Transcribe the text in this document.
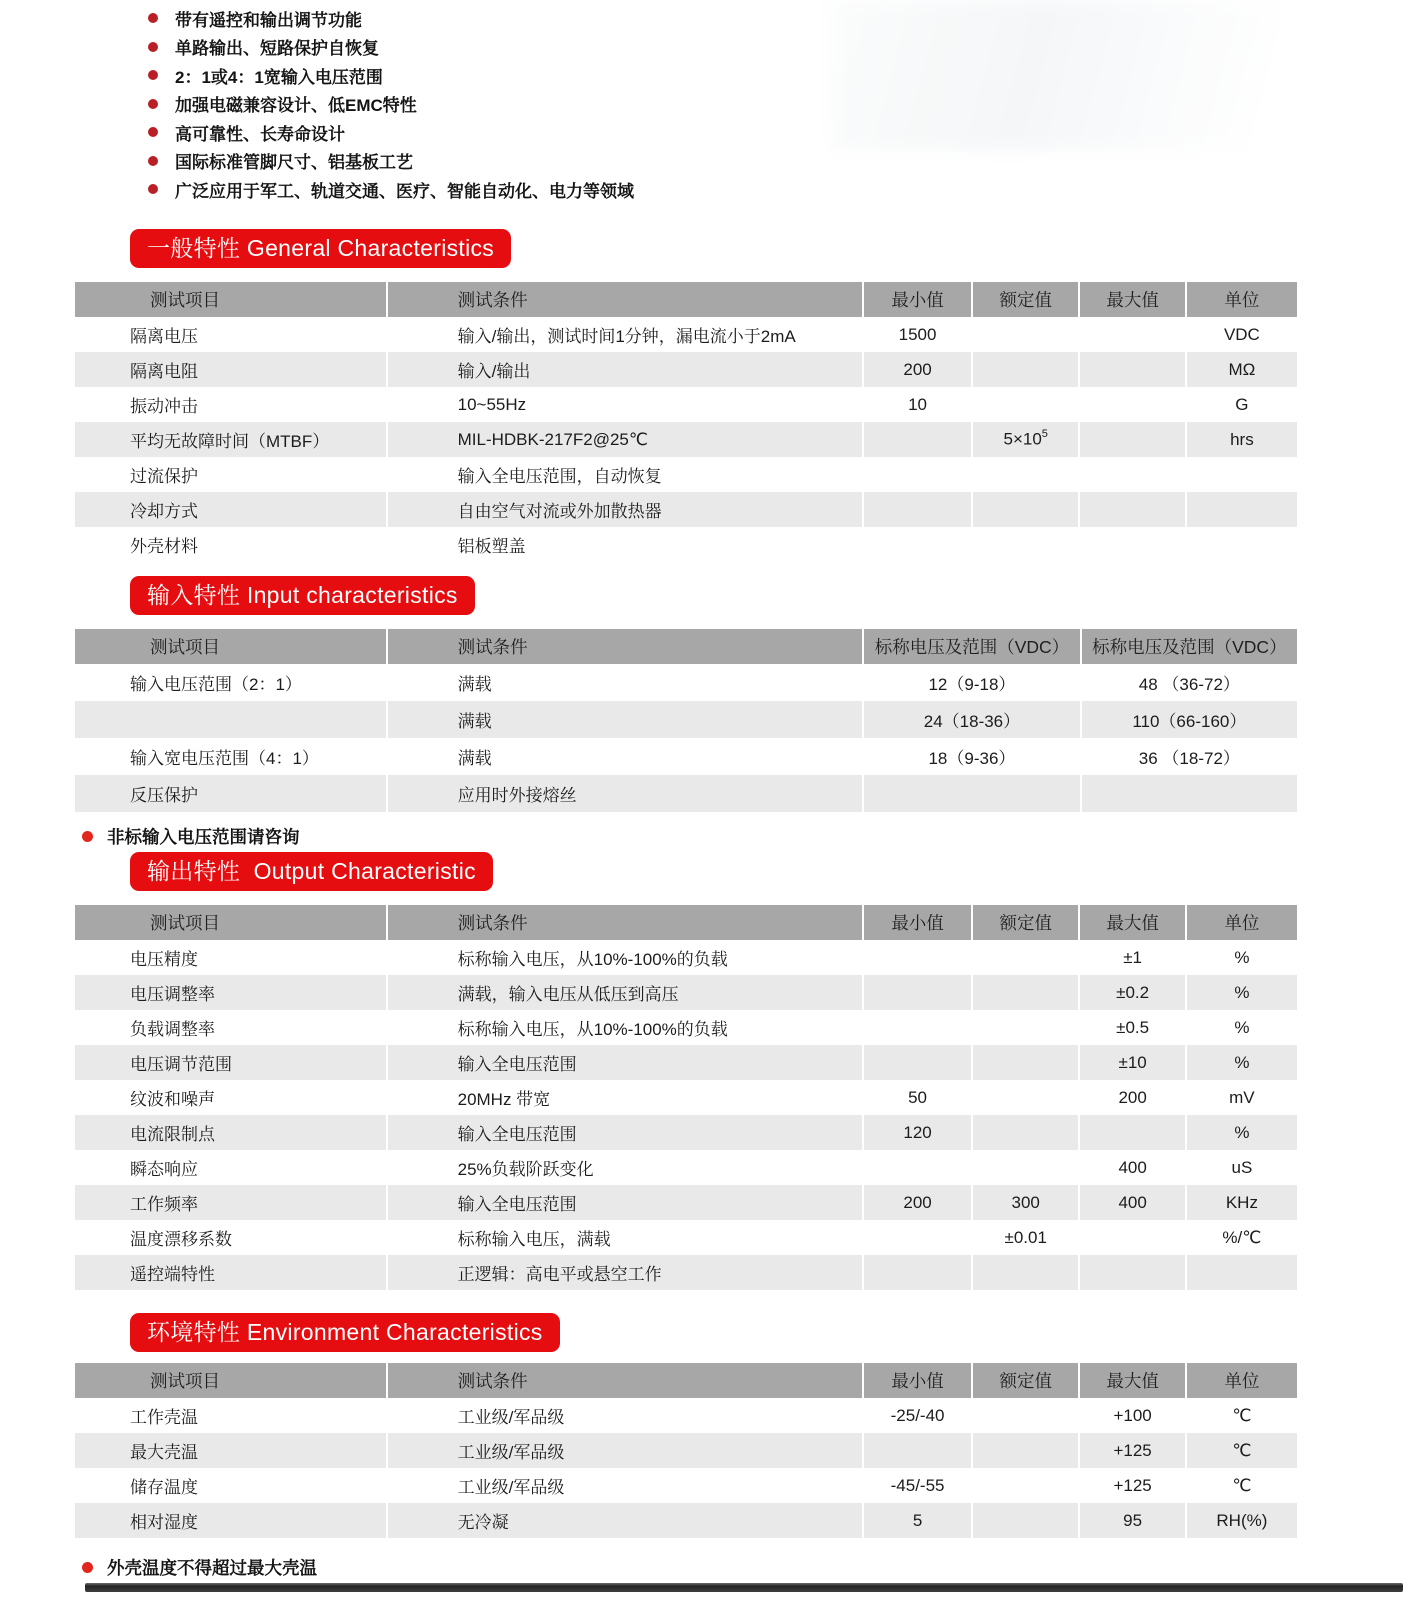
带有遥控和输出调节功能
单路输出、短路保护自恢复
2：1或4：1宽输入电压范围
加强电磁兼容设计、低EMC特性
高可靠性、长寿命设计
国际标准管脚尺寸、铝基板工艺
广泛应用于军工、轨道交通、医疗、智能自动化、电力等领域
一般特性 General Characteristics
测试项目	测试条件	最小值	额定值	最大值	单位
隔离电压	输入/输出，测试时间1分钟，漏电流小于2mA	1500			VDC
隔离电阻	输入/输出	200			MΩ
振动冲击	10~55Hz	10			G
平均无故障时间（MTBF）	MIL-HDBK-217F2@25℃		$5\times 10^5$		hrs
过流保护	输入全电压范围，自动恢复				
冷却方式	自由空气对流或外加散热器				
外壳材料	铝板塑盖				
输入特性 Input characteristics
测试项目	测试条件	标称电压及范围（VDC）	标称电压及范围（VDC）
输入电压范围（2：1）	满载	12（9-18）	48 （36-72）
	满载	24（18-36）	110（66-160）
输入宽电压范围（4：1）	满载	18（9-36）	36 （18-72）
反压保护	应用时外接熔丝		
非标输入电压范围请咨询
输出特性  Output Characteristic
测试项目	测试条件	最小值	额定值	最大值	单位
电压精度	标称输入电压，从10%-100%的负载			±1	%
电压调整率	满载，输入电压从低压到高压			±0.2	%
负载调整率	标称输入电压，从10%-100%的负载			±0.5	%
电压调节范围	输入全电压范围			±10	%
纹波和噪声	20MHz 带宽	50		200	mV
电流限制点	输入全电压范围	120			%
瞬态响应	25%负载阶跃变化			400	uS
工作频率	输入全电压范围	200	300	400	KHz
温度漂移系数	标称输入电压，满载		±0.01		%/℃
遥控端特性	正逻辑：高电平或悬空工作				
环境特性 Environment Characteristics
测试项目	测试条件	最小值	额定值	最大值	单位
工作壳温	工业级/军品级	-25/-40		+100	℃
最大壳温	工业级/军品级			+125	℃
储存温度	工业级/军品级	-45/-55		+125	℃
相对湿度	无冷凝	5		95	RH(%)
外壳温度不得超过最大壳温
